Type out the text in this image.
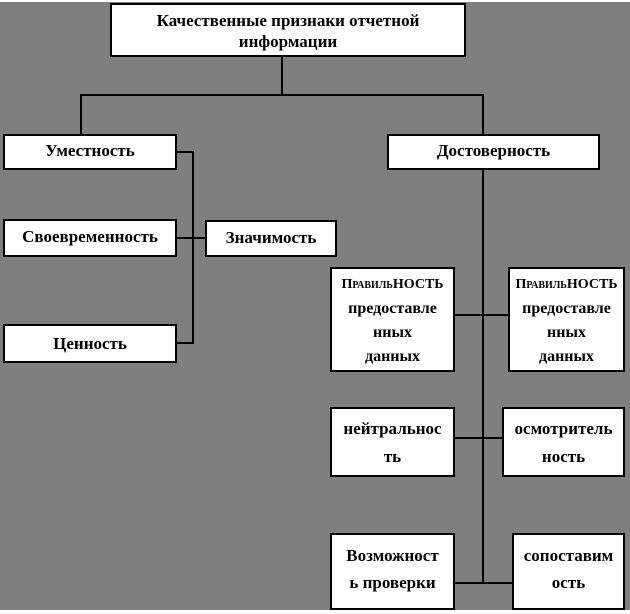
Качественные признаки отчетной
информации
Уместность	Достоверность
Своевременность	Значимость
Ценность
ПравильНОСТЬ
предоставле
нных
данных
ПравильНОСТЬ
предоставле
нных
данных
нейтральнос
ть
осмотритель
ность
Возможност
ь проверки
сопоставим
ость
